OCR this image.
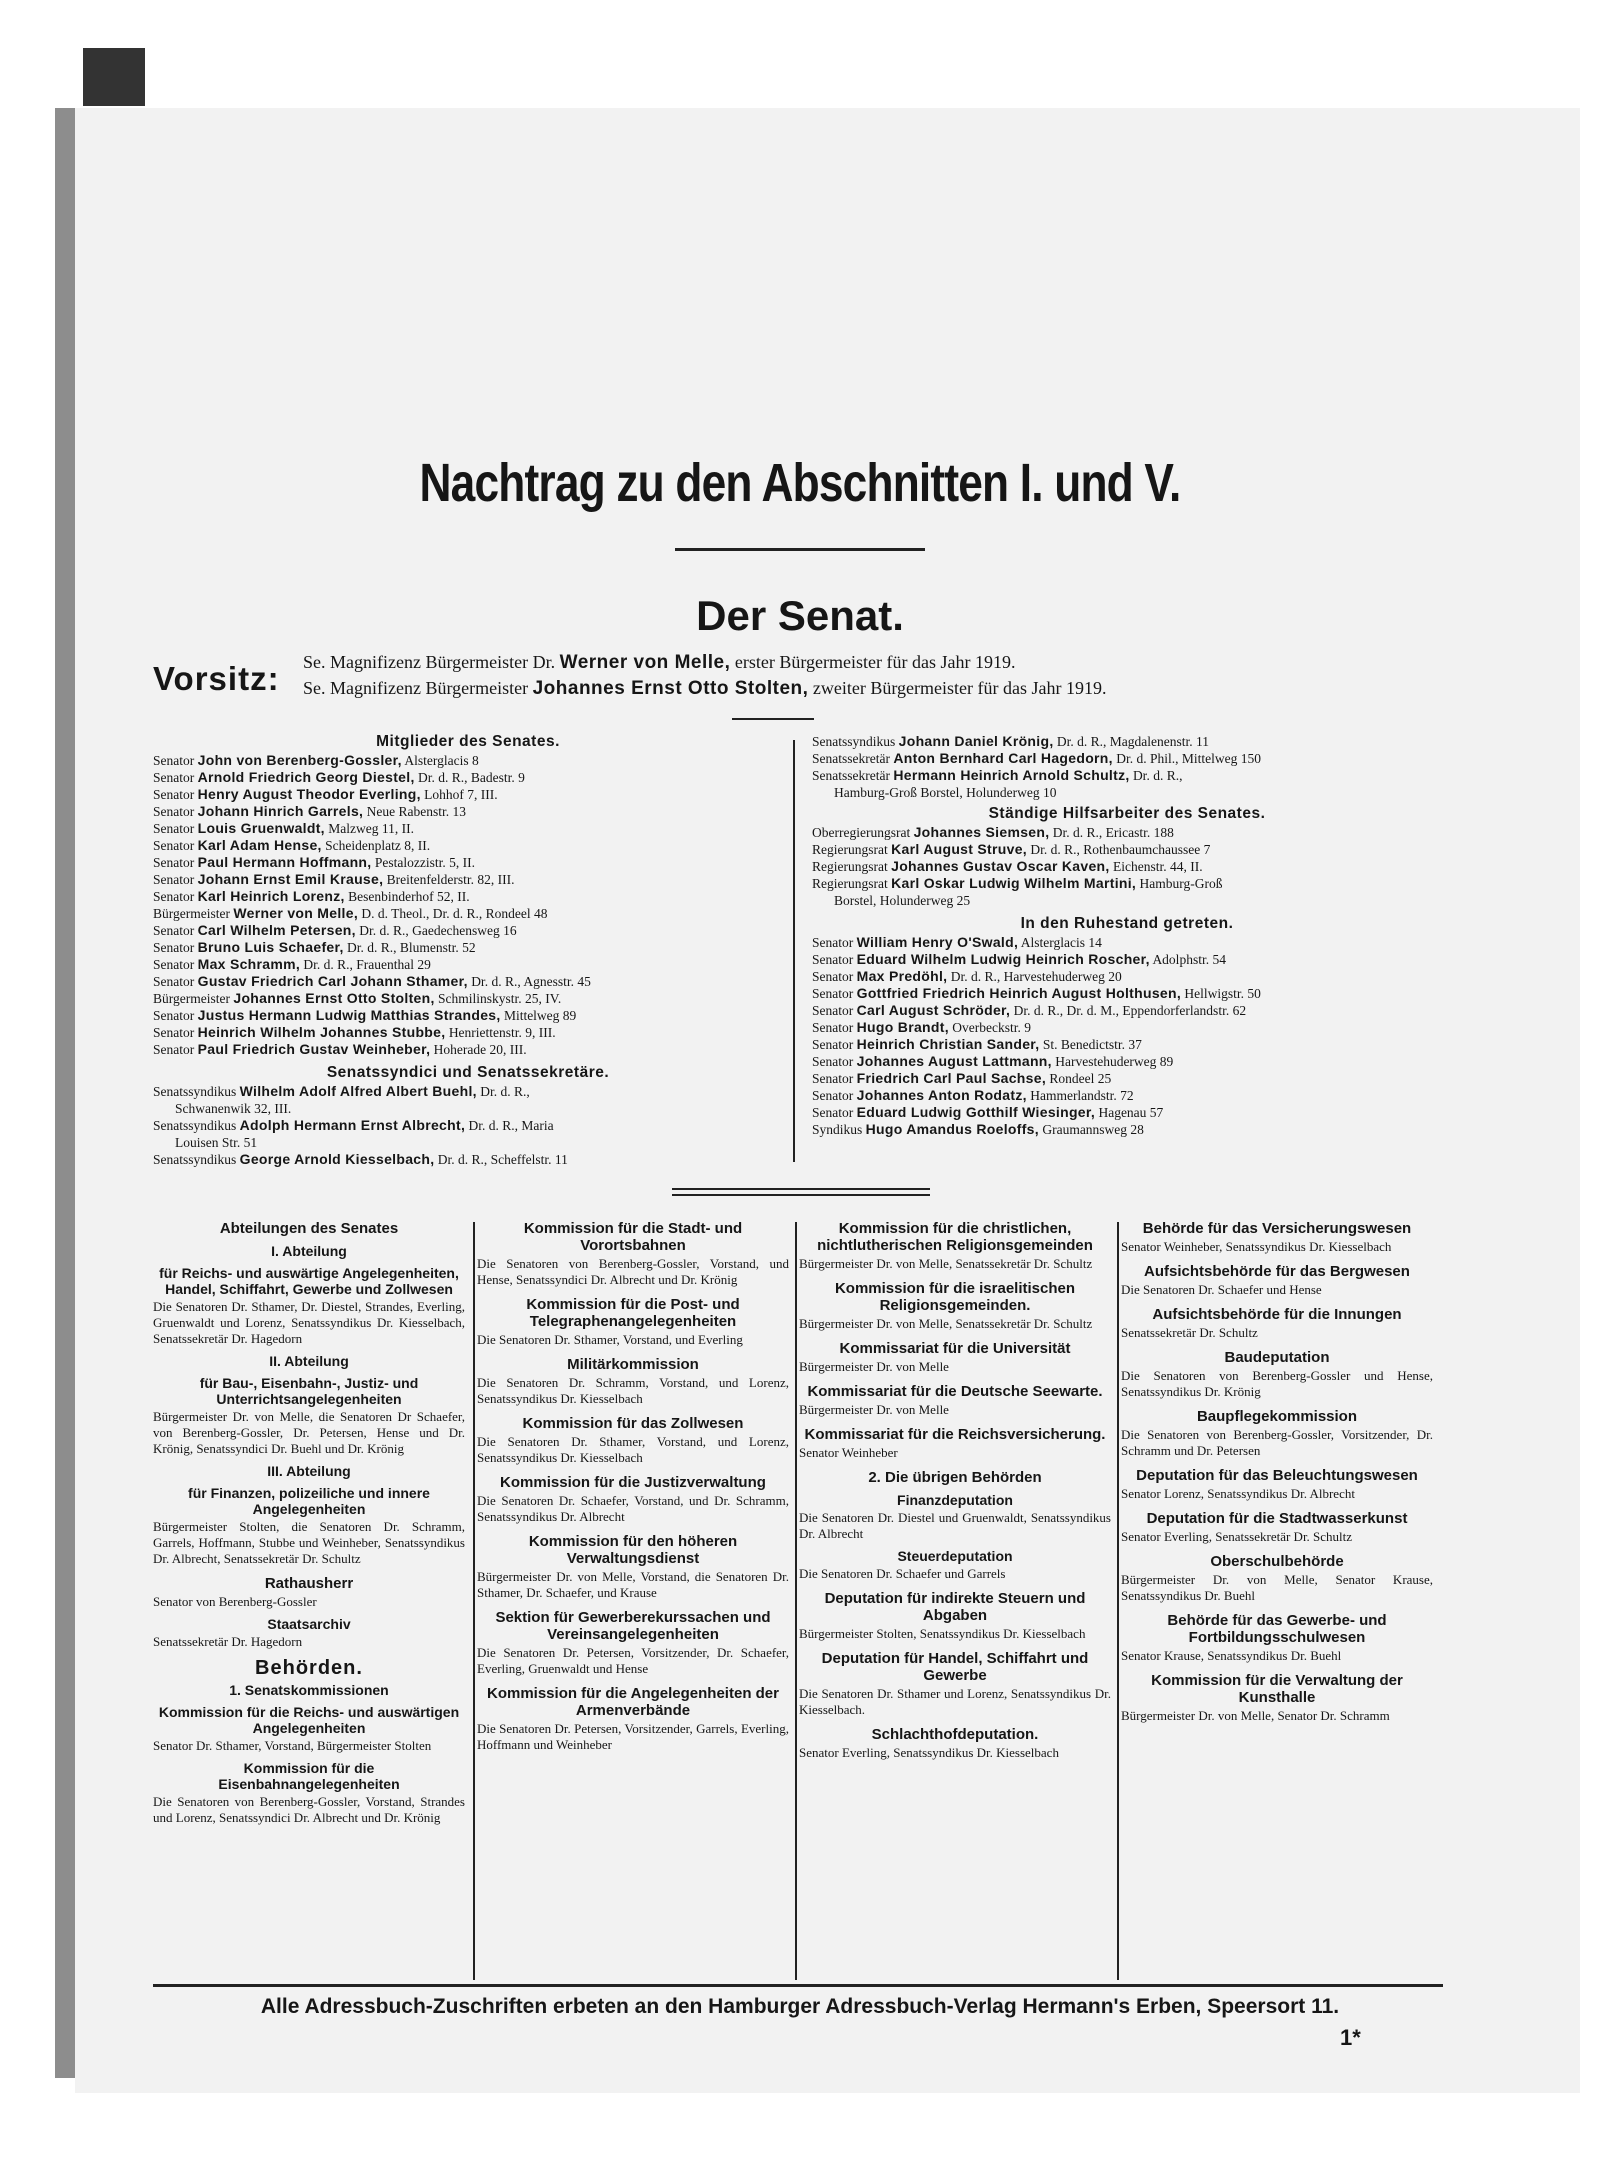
Nachtrag zu den Abschnitten I. und V.
Der Senat.
Vorsitz: Se. Magnifizenz Bürgermeister Dr. Werner von Melle, erster Bürgermeister für das Jahr 1919.
Se. Magnifizenz Bürgermeister Johannes Ernst Otto Stolten, zweiter Bürgermeister für das Jahr 1919.
Mitglieder des Senates.
Senator John von Berenberg-Gossler, Alsterglacis 8
Senator Arnold Friedrich Georg Diestel, Dr. d. R., Badestr. 9
Senator Henry August Theodor Everling, Lohhof 7, III.
Senator Johann Hinrich Garrels, Neue Rabenstr. 13
Senator Louis Gruenwaldt, Malzweg 11, II.
Senator Karl Adam Hense, Scheidenplatz 8, II.
Senator Paul Hermann Hoffmann, Pestalozzistr. 5, II.
Senator Johann Ernst Emil Krause, Breitenfelderstr. 82, III.
Senator Karl Heinrich Lorenz, Besenbinderhof 52, II.
Bürgermeister Werner von Melle, D. d. Theol., Dr. d. R., Rondeel 48
Senator Carl Wilhelm Petersen, Dr. d. R., Gaedechensweg 16
Senator Bruno Luis Schaefer, Dr. d. R., Blumenstr. 52
Senator Max Schramm, Dr. d. R., Frauenthal 29
Senator Gustav Friedrich Carl Johann Sthamer, Dr. d. R., Agnesstr. 45
Bürgermeister Johannes Ernst Otto Stolten, Schmilinskystr. 25, IV.
Senator Justus Hermann Ludwig Matthias Strandes, Mittelweg 89
Senator Heinrich Wilhelm Johannes Stubbe, Henriettenstr. 9, III.
Senator Paul Friedrich Gustav Weinheber, Hoherade 20, III.
Senatssyndici und Senatssekretäre.
Senatssyndikus Wilhelm Adolf Alfred Albert Buehl, Dr. d. R.,
Schwanenwik 32, III.
Senatssyndikus Adolph Hermann Ernst Albrecht, Dr. d. R., Maria
Louisen Str. 51
Senatssyndikus George Arnold Kiesselbach, Dr. d. R., Scheffelstr. 11
Senatssyndikus Johann Daniel Krönig, Dr. d. R., Magdalenenstr. 11
Senatssekretär Anton Bernhard Carl Hagedorn, Dr. d. Phil., Mittelweg 150
Senatssekretär Hermann Heinrich Arnold Schultz, Dr. d. R.,
Hamburg-Groß Borstel, Holunderweg 10
Ständige Hilfsarbeiter des Senates.
Oberregierungsrat Johannes Siemsen, Dr. d. R., Ericastr. 188
Regierungsrat Karl August Struve, Dr. d. R., Rothenbaumchaussee 7
Regierungsrat Johannes Gustav Oscar Kaven, Eichenstr. 44, II.
Regierungsrat Karl Oskar Ludwig Wilhelm Martini, Hamburg-Groß
Borstel, Holunderweg 25
In den Ruhestand getreten.
Senator William Henry O'Swald, Alsterglacis 14
Senator Eduard Wilhelm Ludwig Heinrich Roscher, Adolphstr. 54
Senator Max Predöhl, Dr. d. R., Harvestehuderweg 20
Senator Gottfried Friedrich Heinrich August Holthusen, Hellwigstr. 50
Senator Carl August Schröder, Dr. d. R., Dr. d. M., Eppendorferlandstr. 62
Senator Hugo Brandt, Overbeckstr. 9
Senator Heinrich Christian Sander, St. Benedictstr. 37
Senator Johannes August Lattmann, Harvestehuderweg 89
Senator Friedrich Carl Paul Sachse, Rondeel 25
Senator Johannes Anton Rodatz, Hammerlandstr. 72
Senator Eduard Ludwig Gotthilf Wiesinger, Hagenau 57
Syndikus Hugo Amandus Roeloffs, Graumannsweg 28
Abteilungen des Senates
I. Abteilung
für Reichs- und auswärtige Angelegenheiten, Handel, Schiffahrt, Gewerbe und Zollwesen
Die Senatoren Dr. Sthamer, Dr. Diestel, Strandes, Everling, Gruenwaldt und Lorenz, Senatssyndikus Dr. Kiesselbach, Senatssekretär Dr. Hagedorn
II. Abteilung
für Bau-, Eisenbahn-, Justiz- und Unterrichtsangelegenheiten
Bürgermeister Dr. von Melle, die Senatoren Dr Schaefer, von Berenberg-Gossler, Dr. Petersen, Hense und Dr. Krönig, Senatssyndici Dr. Buehl und Dr. Krönig
III. Abteilung
für Finanzen, polizeiliche und innere Angelegenheiten
Bürgermeister Stolten, die Senatoren Dr. Schramm, Garrels, Hoffmann, Stubbe und Weinheber, Senatssyndikus Dr. Albrecht, Senatssekretär Dr. Schultz
Rathausherr
Senator von Berenberg-Gossler
Staatsarchiv
Senatssekretär Dr. Hagedorn
Behörden.
1. Senatskommissionen
Kommission für die Reichs- und auswärtigen Angelegenheiten
Senator Dr. Sthamer, Vorstand, Bürgermeister Stolten
Kommission für die Eisenbahnangelegenheiten
Die Senatoren von Berenberg-Gossler, Vorstand, Strandes und Lorenz, Senatssyndici Dr. Albrecht und Dr. Krönig
Kommission für die Stadt- und Vorortsbahnen
Die Senatoren von Berenberg-Gossler, Vorstand, und Hense, Senatssyndici Dr. Albrecht und Dr. Krönig
Kommission für die Post- und Telegraphenangelegenheiten
Die Senatoren Dr. Sthamer, Vorstand, und Everling
Militärkommission
Die Senatoren Dr. Schramm, Vorstand, und Lorenz, Senatssyndikus Dr. Kiesselbach
Kommission für das Zollwesen
Die Senatoren Dr. Sthamer, Vorstand, und Lorenz, Senatssyndikus Dr. Kiesselbach
Kommission für die Justizverwaltung
Die Senatoren Dr. Schaefer, Vorstand, und Dr. Schramm, Senatssyndikus Dr. Albrecht
Kommission für den höheren Verwaltungsdienst
Bürgermeister Dr. von Melle, Vorstand, die Senatoren Dr. Sthamer, Dr. Schaefer, und Krause
Sektion für Gewerberekurssachen und Vereinsangelegenheiten
Die Senatoren Dr. Petersen, Vorsitzender, Dr. Schaefer, Everling, Gruenwaldt und Hense
Kommission für die Angelegenheiten der Armenverbände
Die Senatoren Dr. Petersen, Vorsitzender, Garrels, Everling, Hoffmann und Weinheber
Kommission für die christlichen, nichtlutherischen Religionsgemeinden
Bürgermeister Dr. von Melle, Senatssekretär Dr. Schultz
Kommission für die israelitischen Religionsgemeinden.
Bürgermeister Dr. von Melle, Senatssekretär Dr. Schultz
Kommissariat für die Universität
Bürgermeister Dr. von Melle
Kommissariat für die Deutsche Seewarte.
Bürgermeister Dr. von Melle
Kommissariat für die Reichsversicherung.
Senator Weinheber
2. Die übrigen Behörden
Finanzdeputation
Die Senatoren Dr. Diestel und Gruenwaldt, Senatssyndikus Dr. Albrecht
Steuerdeputation
Die Senatoren Dr. Schaefer und Garrels
Deputation für indirekte Steuern und Abgaben
Bürgermeister Stolten, Senatssyndikus Dr. Kiesselbach
Deputation für Handel, Schiffahrt und Gewerbe
Die Senatoren Dr. Sthamer und Lorenz, Senatssyndikus Dr. Kiesselbach.
Schlachthofdeputation.
Senator Everling, Senatssyndikus Dr. Kiesselbach
Behörde für das Versicherungswesen
Senator Weinheber, Senatssyndikus Dr. Kiesselbach
Aufsichtsbehörde für das Bergwesen
Die Senatoren Dr. Schaefer und Hense
Aufsichtsbehörde für die Innungen
Senatssekretär Dr. Schultz
Baudeputation
Die Senatoren von Berenberg-Gossler und Hense, Senatssyndikus Dr. Krönig
Baupflegekommission
Die Senatoren von Berenberg-Gossler, Vorsitzender, Dr. Schramm und Dr. Petersen
Deputation für das Beleuchtungswesen
Senator Lorenz, Senatssyndikus Dr. Albrecht
Deputation für die Stadtwasserkunst
Senator Everling, Senatssekretär Dr. Schultz
Oberschulbehörde
Bürgermeister Dr. von Melle, Senator Krause, Senatssyndikus Dr. Buehl
Behörde für das Gewerbe- und Fortbildungsschulwesen
Senator Krause, Senatssyndikus Dr. Buehl
Kommission für die Verwaltung der Kunsthalle
Bürgermeister Dr. von Melle, Senator Dr. Schramm
Alle Adressbuch-Zuschriften erbeten an den Hamburger Adressbuch-Verlag Hermann's Erben, Speersort 11.
1*
